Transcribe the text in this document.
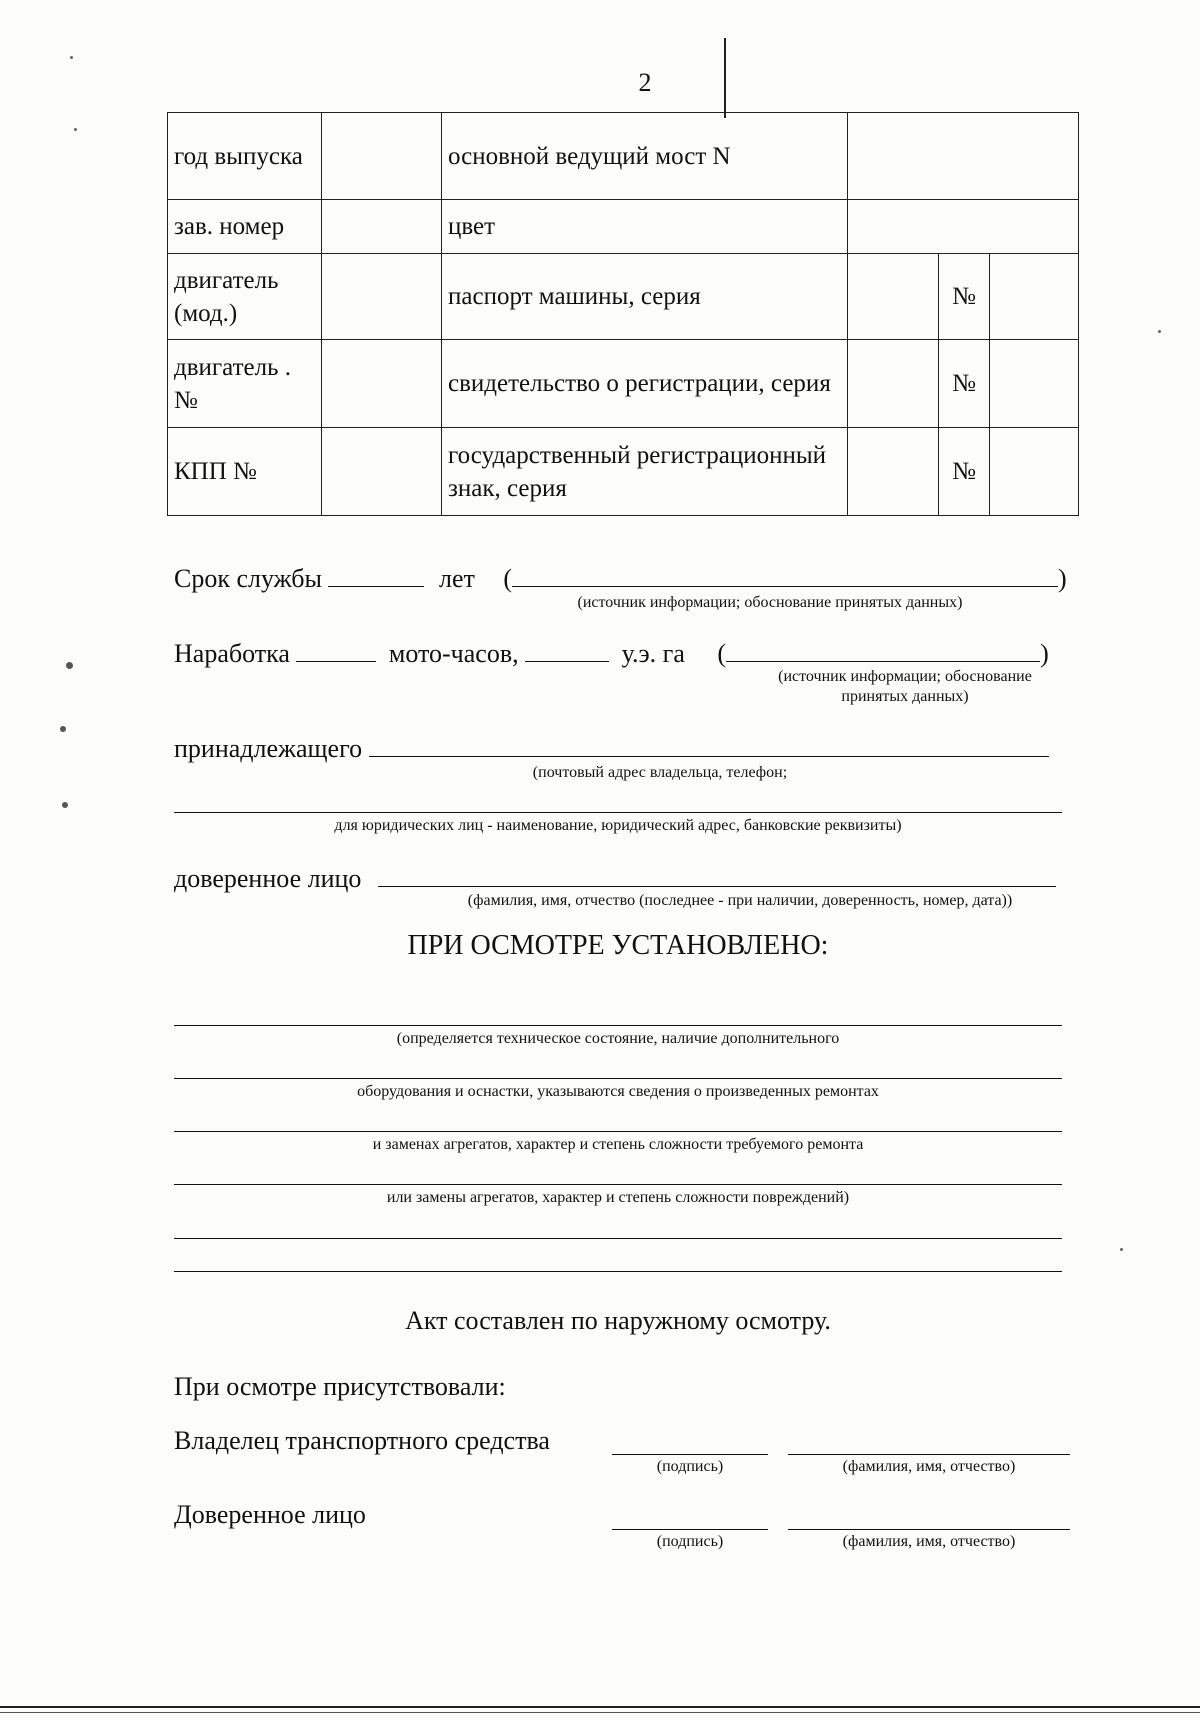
2
год выпуска		основной ведущий мост N			
зав. номер		цвет			
двигатель (мод.)		паспорт машины, серия		№	
двигатель . №		свидетельство о регистрации, серия		№	
КПП №		государственный регистрационный знак, серия		№	
Срок службы	лет (	)
(источник информации; обоснование принятых данных)
Наработка	мото-часов,	у.э. га (	)
(источник информации; обоснование
принятых данных)
принадлежащего
(почтовый адрес владельца, телефон;
для юридических лиц - наименование, юридический адрес, банковские реквизиты)
доверенное лицо
(фамилия, имя, отчество (последнее - при наличии, доверенность, номер, дата))
ПРИ ОСМОТРЕ УСТАНОВЛЕНО:
(определяется техническое состояние, наличие дополнительного
оборудования и оснастки, указываются сведения о произведенных ремонтах
и заменах агрегатов, характер и степень сложности требуемого ремонта
или замены агрегатов, характер и степень сложности повреждений)
Акт составлен по наружному осмотру.
При осмотре присутствовали:
Владелец транспортного средства
(подпись)	(фамилия, имя, отчество)
Доверенное лицо
(подпись)	(фамилия, имя, отчество)
